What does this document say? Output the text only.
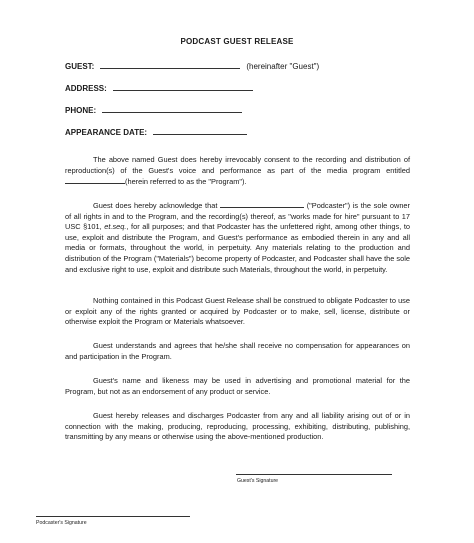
PODCAST GUEST RELEASE
GUEST:	(hereinafter "Guest")
ADDRESS:
PHONE:
APPEARANCE DATE:

The above named Guest does hereby irrevocably consent to the recording and distribution of reproduction(s) of the Guest's voice and performance as part of the media program entitled (herein referred to as the "Program").

Guest does hereby acknowledge that	("Podcaster") is the sole owner of all rights in and to the Program, and the recording(s) thereof, as "works made for hire" pursuant to 17 USC §101, et.seq., for all purposes; and that Podcaster has the unfettered right, among other things, to use, exploit and distribute the Program, and Guest's performance as embodied therein in any and all media or formats, throughout the world, in perpetuity. Any materials relating to the production and distribution of the Program ("Materials") become property of Podcaster, and Podcaster shall have the sole and exclusive right to use, exploit and distribute such Materials, throughout the world, in perpetuity.

Nothing contained in this Podcast Guest Release shall be construed to obligate Podcaster to use or exploit any of the rights granted or acquired by Podcaster or to make, sell, license, distribute or otherwise exploit the Program or Materials whatsoever.

Guest understands and agrees that he/she shall receive no compensation for appearances on and participation in the Program.

Guest's name and likeness may be used in advertising and promotional material for the Program, but not as an endorsement of any product or service.

Guest hereby releases and discharges Podcaster from any and all liability arising out of or in connection with the making, producing, reproducing, processing, exhibiting, distributing, publishing, transmitting by any means or otherwise using the above-mentioned production.

Guest's Signature
Podcaster's Signature
